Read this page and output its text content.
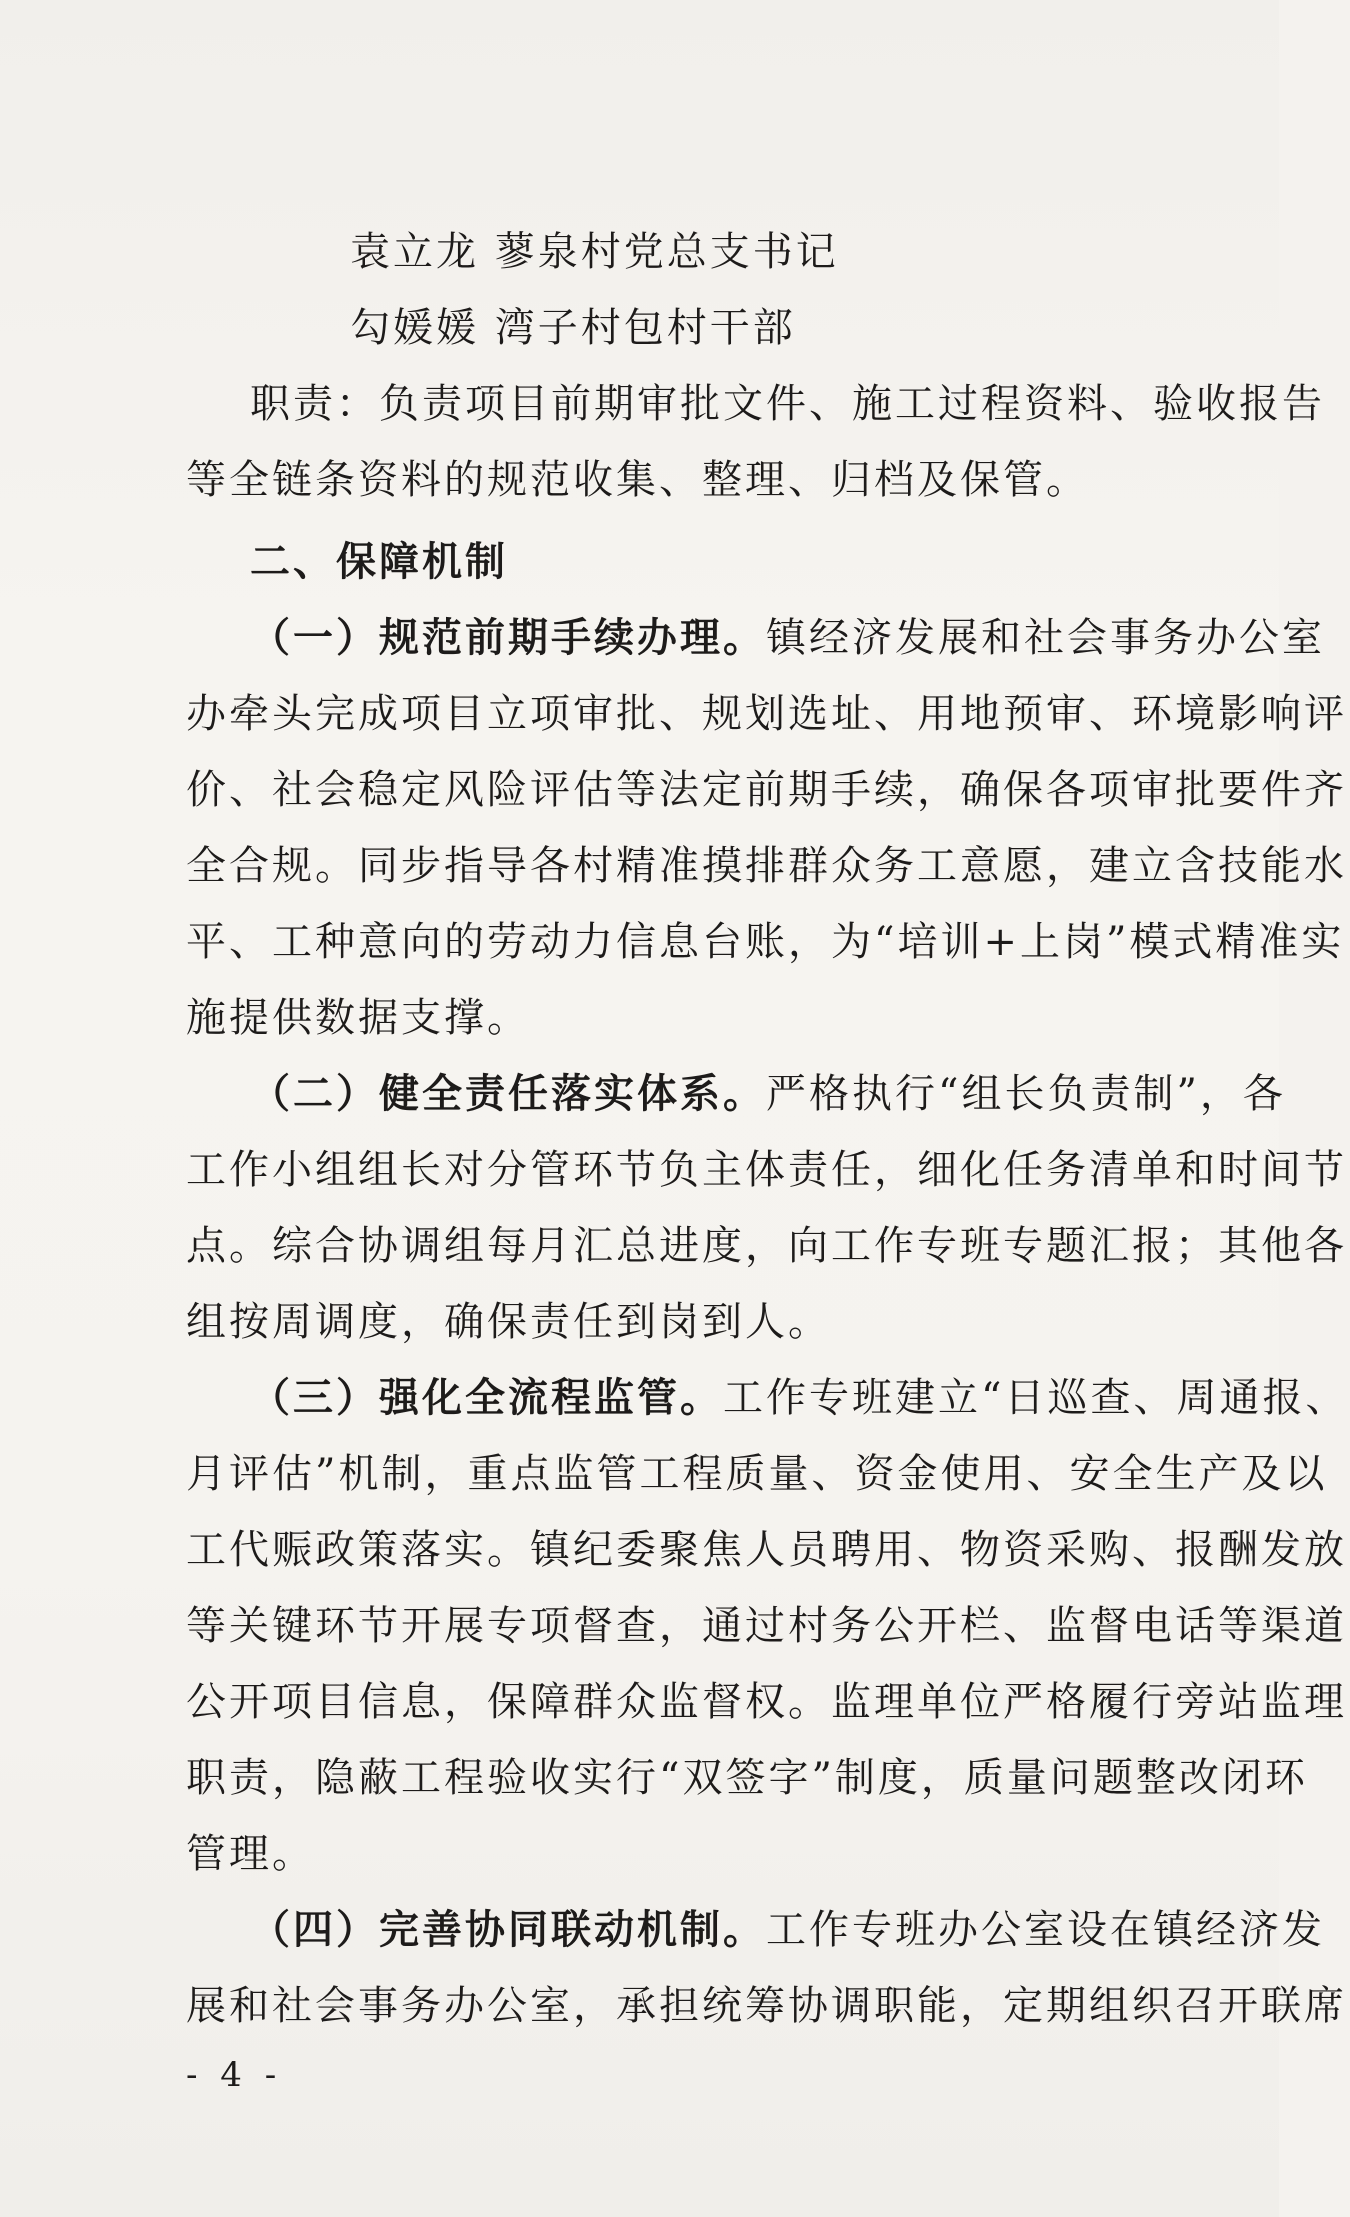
袁立龙 蓼泉村党总支书记
勾媛媛 湾子村包村干部
职责：负责项目前期审批文件、施工过程资料、验收报告
等全链条资料的规范收集、整理、归档及保管。
二、保障机制
（一）规范前期手续办理。镇经济发展和社会事务办公室
办牵头完成项目立项审批、规划选址、用地预审、环境影响评
价、社会稳定风险评估等法定前期手续，确保各项审批要件齐
全合规。同步指导各村精准摸排群众务工意愿，建立含技能水
平、工种意向的劳动力信息台账，为“培训+上岗”模式精准实
施提供数据支撑。
（二）健全责任落实体系。严格执行“组长负责制”，各
工作小组组长对分管环节负主体责任，细化任务清单和时间节
点。综合协调组每月汇总进度，向工作专班专题汇报；其他各
组按周调度，确保责任到岗到人。
（三）强化全流程监管。工作专班建立“日巡查、周通报、
月评估”机制，重点监管工程质量、资金使用、安全生产及以
工代赈政策落实。镇纪委聚焦人员聘用、物资采购、报酬发放
等关键环节开展专项督查，通过村务公开栏、监督电话等渠道
公开项目信息，保障群众监督权。监理单位严格履行旁站监理
职责，隐蔽工程验收实行“双签字”制度，质量问题整改闭环
管理。
（四）完善协同联动机制。工作专班办公室设在镇经济发
展和社会事务办公室，承担统筹协调职能，定期组织召开联席
- 4 -
